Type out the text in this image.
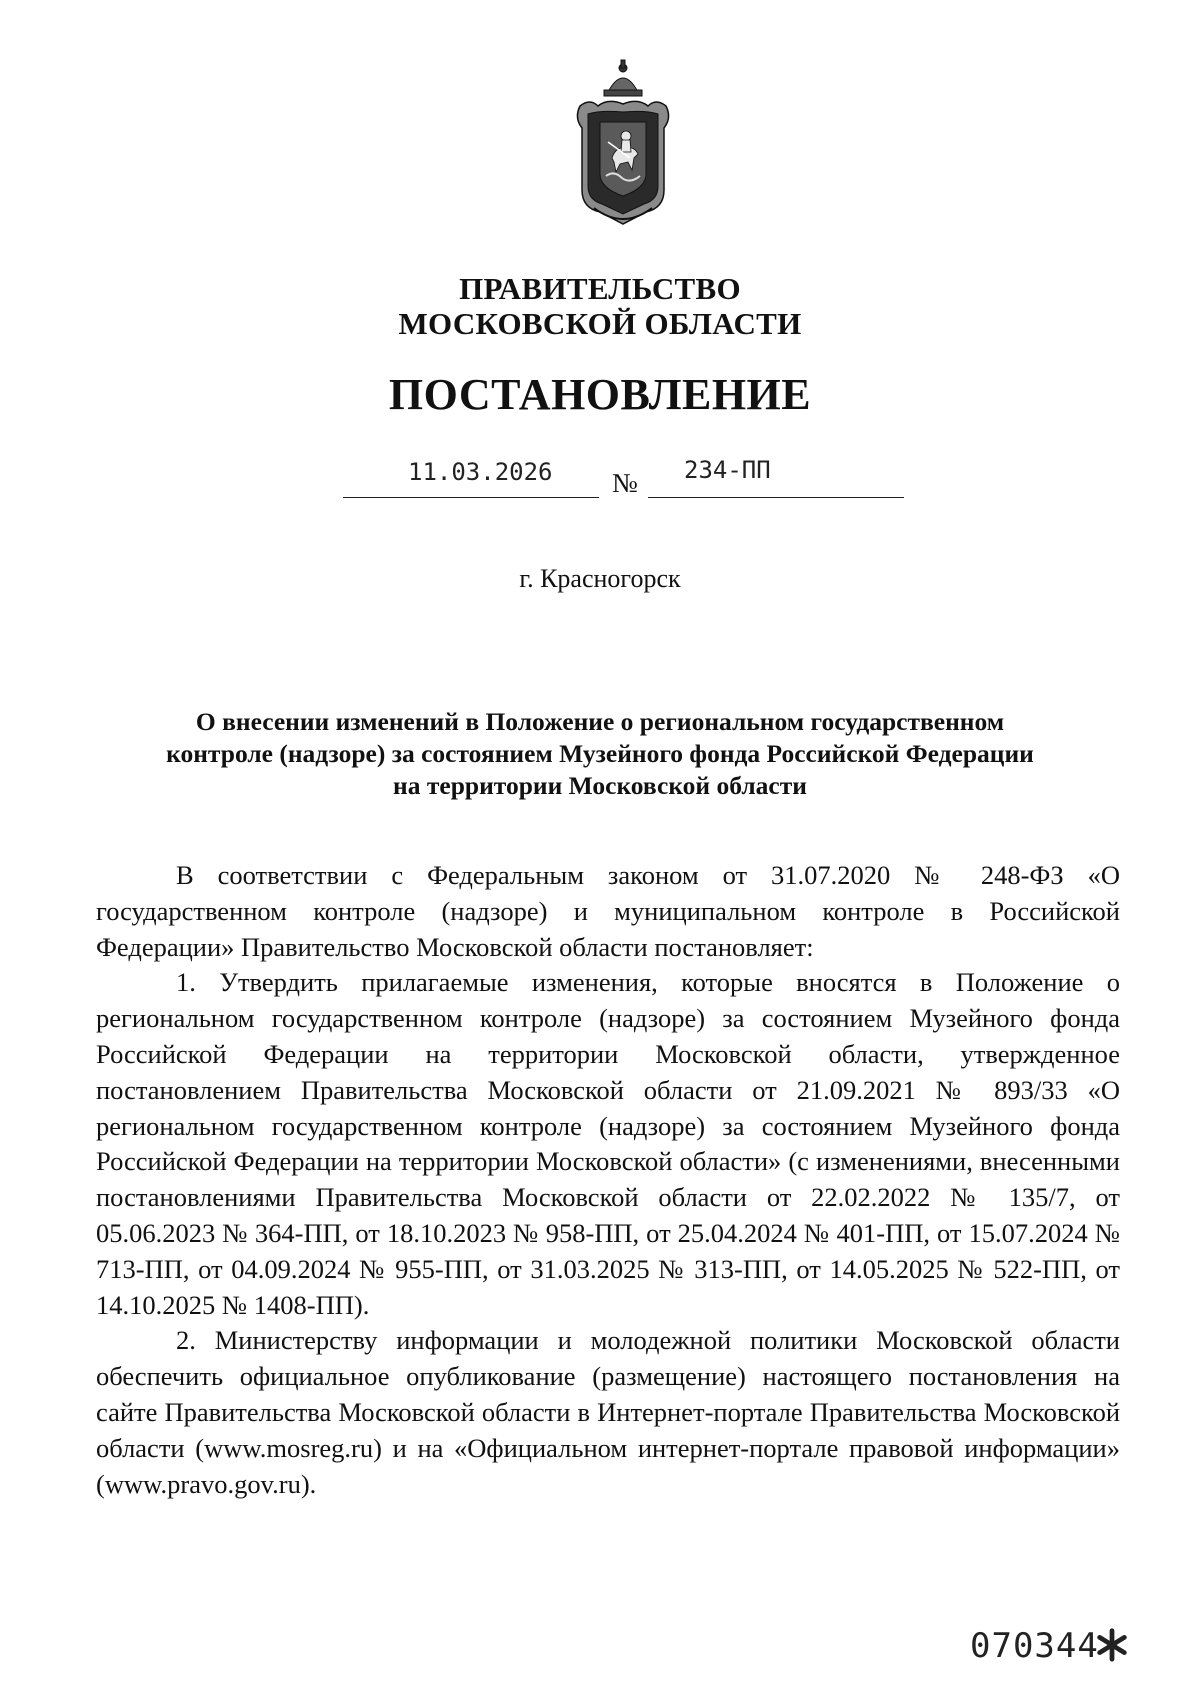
ПРАВИТЕЛЬСТВО
МОСКОВСКОЙ ОБЛАСТИ
ПОСТАНОВЛЕНИЕ
11.03.2026 № 234-ПП
г. Красногорск
О внесении изменений в Положение о региональном государственном
контроле (надзоре) за состоянием Музейного фонда Российской Федерации
на территории Московской области

В соответствии с Федеральным законом от 31.07.2020 № 248-ФЗ «О государственном контроле (надзоре) и муниципальном контроле в Российской Федерации» Правительство Московской области постановляет:

1. Утвердить прилагаемые изменения, которые вносятся в Положение о региональном государственном контроле (надзоре) за состоянием Музейного фонда Российской Федерации на территории Московской области, утвержденное постановлением Правительства Московской области от 21.09.2021 № 893/33 «О региональном государственном контроле (надзоре) за состоянием Музейного фонда Российской Федерации на территории Московской области» (с изменениями, внесенными постановлениями Правительства Московской области от 22.02.2022 № 135/7, от 05.06.2023 № 364-ПП, от 18.10.2023 № 958-ПП, от 25.04.2024 № 401-ПП, от 15.07.2024 № 713-ПП, от 04.09.2024 № 955-ПП, от 31.03.2025 № 313-ПП, от 14.05.2025 № 522-ПП, от 14.10.2025 № 1408-ПП).

2. Министерству информации и молодежной политики Московской области обеспечить официальное опубликование (размещение) настоящего постановления на сайте Правительства Московской области в Интернет-портале Правительства Московской области (www.mosreg.ru) и на «Официальном интернет-портале правовой информации» (www.pravo.gov.ru).

070344
